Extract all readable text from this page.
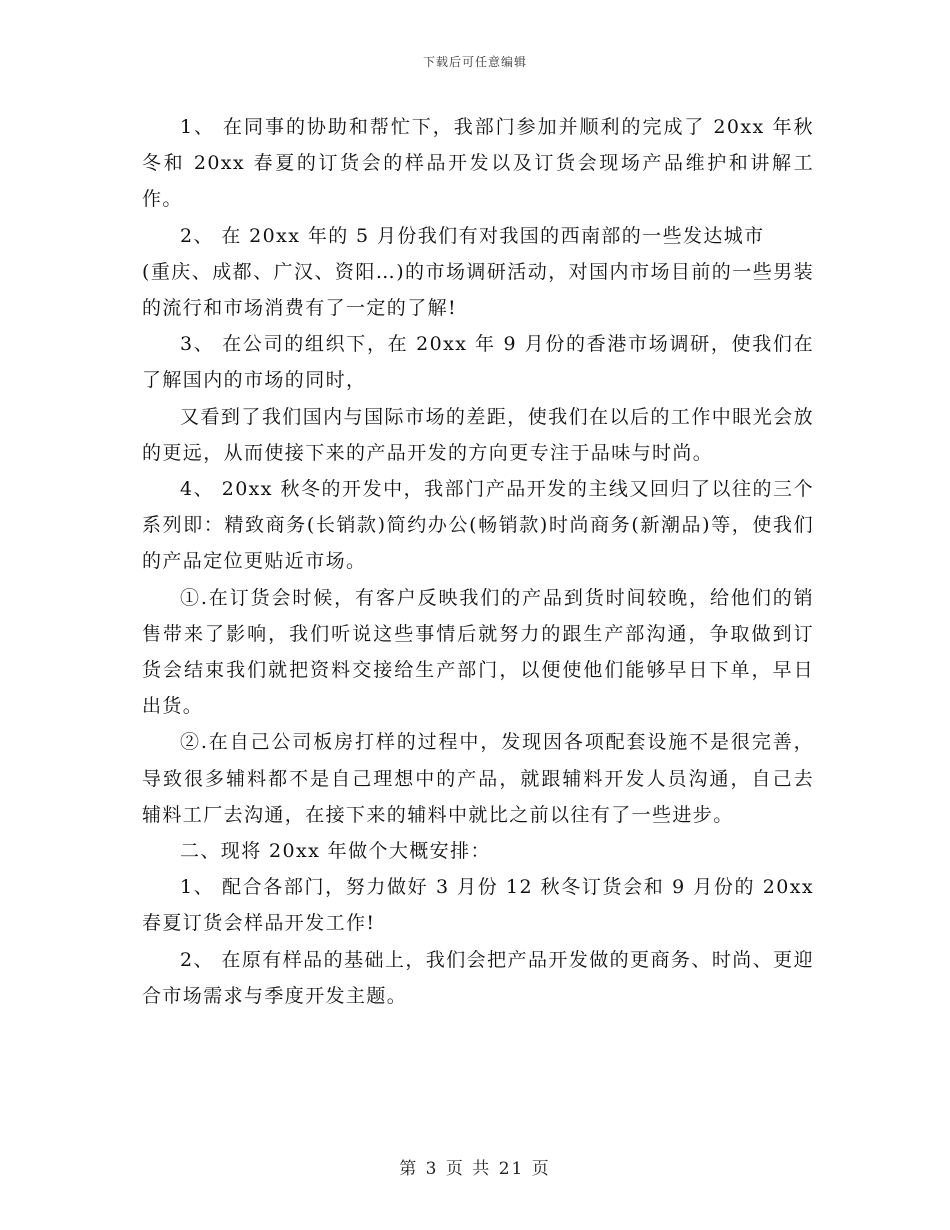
下载后可任意编辑

1、 在同事的协助和帮忙下，我部门参加并顺利的完成了 20xx 年秋冬和 20xx 春夏的订货会的样品开发以及订货会现场产品维护和讲解工作。

2、 在 20xx 年的 5 月份我们有对我国的西南部的一些发达城市

(重庆、成都、广汉、资阳…)的市场调研活动，对国内市场目前的一些男装的流行和市场消费有了一定的了解!

3、 在公司的组织下，在 20xx 年 9 月份的香港市场调研，使我们在了解国内的市场的同时，

又看到了我们国内与国际市场的差距，使我们在以后的工作中眼光会放的更远，从而使接下来的产品开发的方向更专注于品味与时尚。

4、 20xx 秋冬的开发中，我部门产品开发的主线又回归了以往的三个系列即：精致商务(长销款)简约办公(畅销款)时尚商务(新潮品)等，使我们的产品定位更贴近市场。

①.在订货会时候，有客户反映我们的产品到货时间较晚，给他们的销售带来了影响，我们听说这些事情后就努力的跟生产部沟通，争取做到订货会结束我们就把资料交接给生产部门，以便使他们能够早日下单，早日出货。

②.在自己公司板房打样的过程中，发现因各项配套设施不是很完善，导致很多辅料都不是自己理想中的产品，就跟辅料开发人员沟通，自己去辅料工厂去沟通，在接下来的辅料中就比之前以往有了一些进步。

二、现将 20xx 年做个大概安排：

1、 配合各部门，努力做好 3 月份 12 秋冬订货会和 9 月份的 20xx 春夏订货会样品开发工作!

2、 在原有样品的基础上，我们会把产品开发做的更商务、时尚、更迎合市场需求与季度开发主题。

第 3 页 共 21 页
